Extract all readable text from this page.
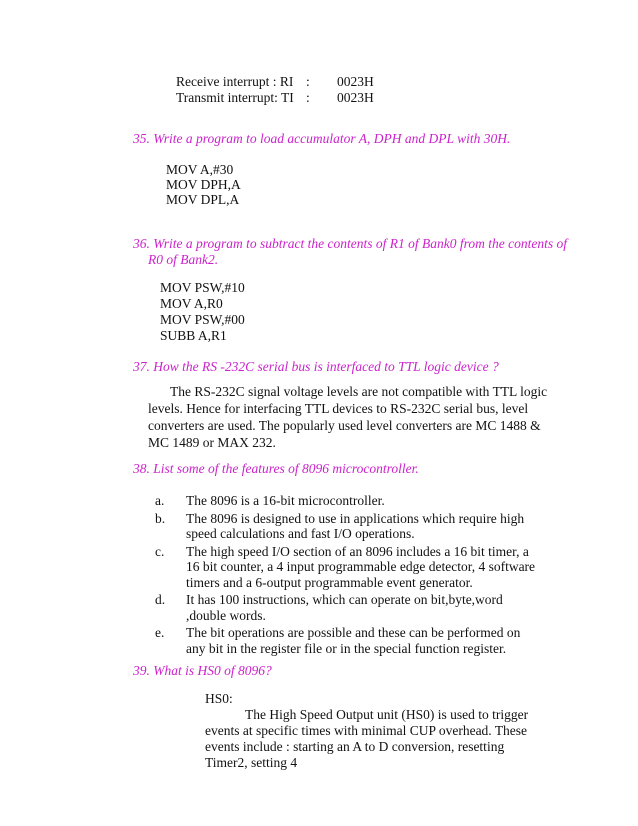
Receive interrupt : RI : 0023H
Transmit interrupt: TI : 0023H
35. Write a program to load accumulator A, DPH and DPL with 30H.
MOV A,#30
MOV DPH,A
MOV DPL,A
36. Write a program to subtract the contents of R1 of Bank0 from the contents of
R0 of Bank2.
MOV PSW,#10
MOV A,R0
MOV PSW,#00
SUBB A,R1
37. How the RS -232C serial bus is interfaced to TTL logic device ?
The RS-232C signal voltage levels are not compatible with TTL logic levels. Hence for interfacing TTL devices to RS-232C serial bus, level converters are used. The popularly used level converters are MC 1488 & MC 1489 or MAX 232.
38. List some of the features of 8096 microcontroller.
a.	The 8096 is a 16-bit microcontroller.
b.	The 8096 is designed to use in applications which require high speed calculations and fast I/O operations.
c.	The high speed I/O section of an 8096 includes a 16 bit timer, a 16 bit counter, a 4 input programmable edge detector, 4 software timers and a 6-output programmable event generator.
d.	It has 100 instructions, which can operate on bit,byte,word ,double words.
e.	The bit operations are possible and these can be performed on any bit in the register file or in the special function register.
39. What is HS0 of 8096?
HS0:
The High Speed Output unit (HS0) is used to trigger events at specific times with minimal CUP overhead. These events include : starting an A to D conversion, resetting Timer2, setting 4
